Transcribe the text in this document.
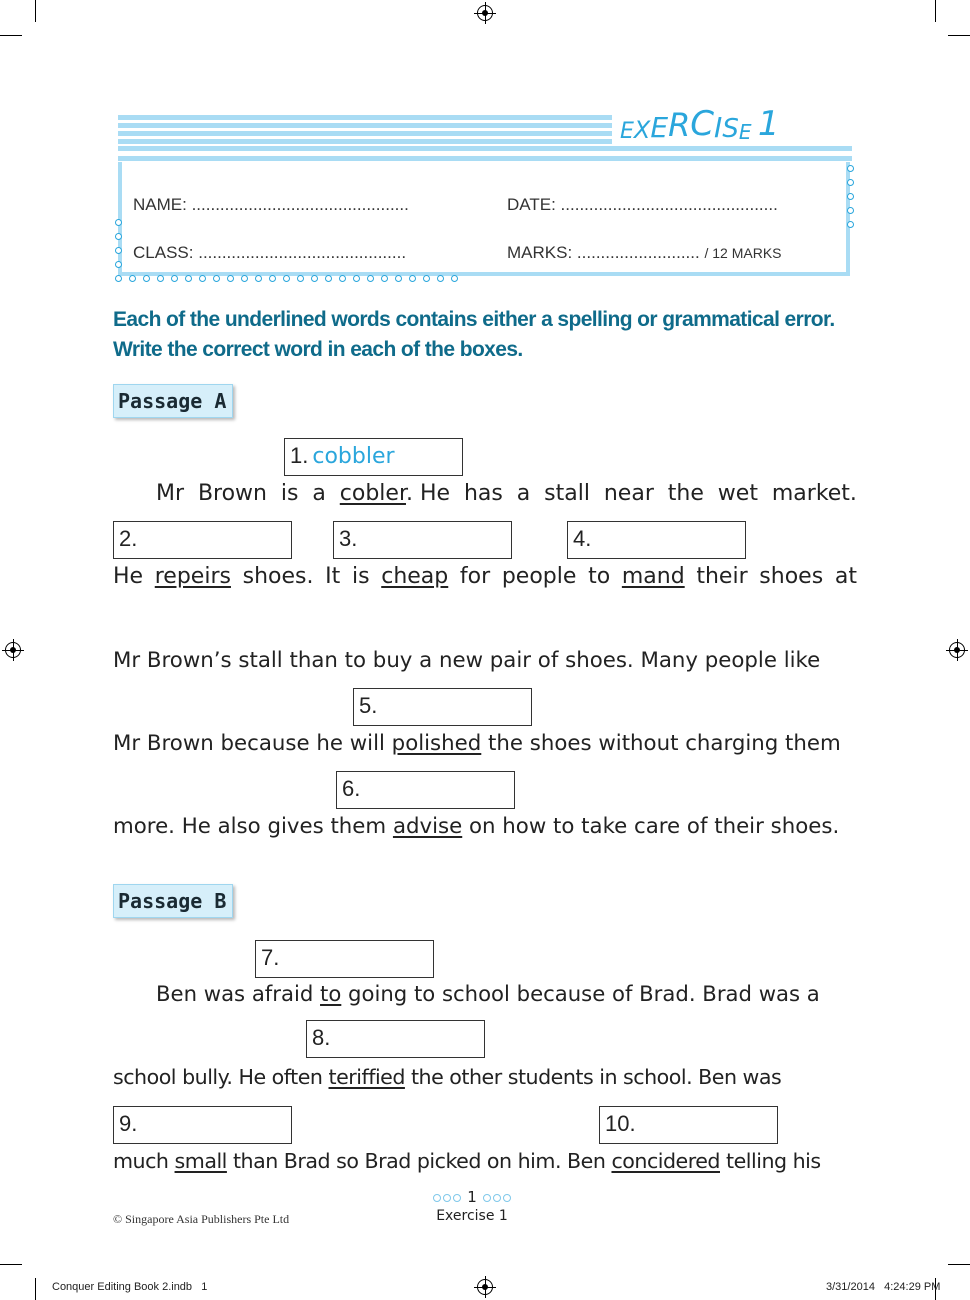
E X E R C I S E
1
NAME: ..............................................	DATE: ..............................................
CLASS: ............................................	MARKS: .......................... / 12 MARKS
Each of the underlined words contains either a spelling or grammatical error. Write the correct word in each of the boxes.
Passage A
1. cobbler
Mr Brown is a cobler. He has a stall near the wet market.
2.	3.	4.
He repeirs shoes. It is cheap for people to mand their shoes at
Mr Brown’s stall than to buy a new pair of shoes. Many people like
5.
Mr Brown because he will polished the shoes without charging them
6.
more. He also gives them advise on how to take care of their shoes.
Passage B
7.
Ben was afraid to going to school because of Brad. Brad was a
8.
school bully. He often teriffied the other students in school. Ben was
9.	10.
much small than Brad so Brad picked on him. Ben concidered telling his
1
Exercise 1
© Singapore Asia Publishers Pte Ltd
Conquer Editing Book 2.indb   1	3/31/2014   4:24:29 PM
